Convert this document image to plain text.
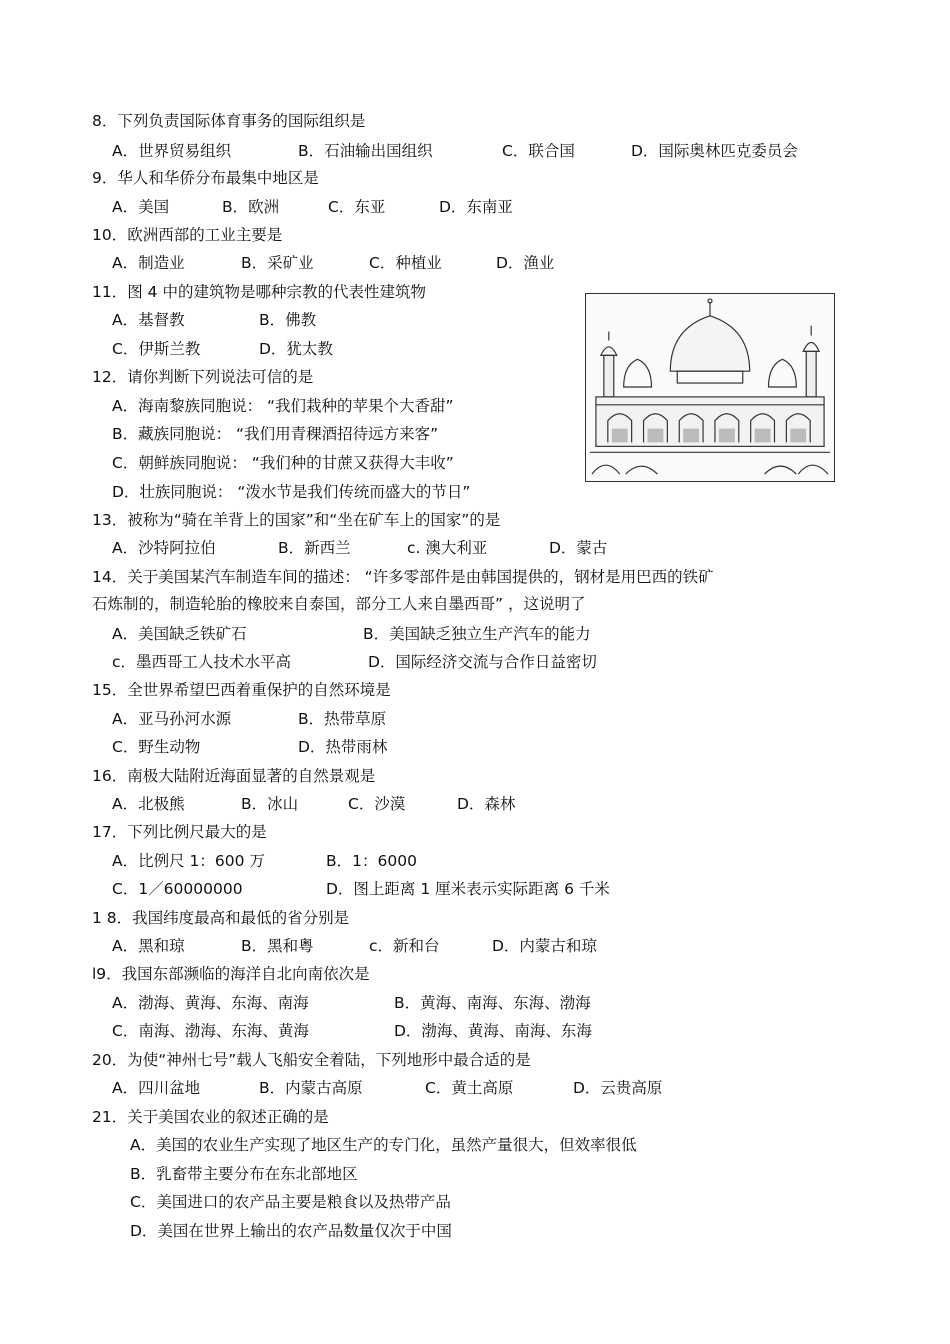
8．下列负责国际体育事务的国际组织是
A．世界贸易组织	B．石油输出国组织	C．联合国	D．国际奥林匹克委员会
9．华人和华侨分布最集中地区是
A．美国	B．欧洲	C．东亚	D．东南亚
10．欧洲西部的工业主要是
A．制造业	B．采矿业	C．种植业	D．渔业
11．图 4 中的建筑物是哪种宗教的代表性建筑物
A．基督教	B．佛教
C．伊斯兰教	D．犹太教
12．请你判断下列说法可信的是
A．海南黎族同胞说： “我们栽种的苹果个大香甜”
B．藏族同胞说： “我们用青稞酒招待远方来客”
C．朝鲜族同胞说： “我们种的甘蔗又获得大丰收”
D．壮族同胞说： “泼水节是我们传统而盛大的节日”
13．被称为“骑在羊背上的国家”和“坐在矿车上的国家”的是
A．沙特阿拉伯	B．新西兰	c. 澳大利亚	D．蒙古
14．关于美国某汽车制造车间的描述： “许多零部件是由韩国提供的，钢材是用巴西的铁矿
石炼制的，制造轮胎的橡胶来自泰国，部分工人来自墨西哥” ，这说明了
A．美国缺乏铁矿石	B．美国缺乏独立生产汽车的能力
c．墨西哥工人技术水平高	D．国际经济交流与合作日益密切
15．全世界希望巴西着重保护的自然环境是
A．亚马孙河水源	B．热带草原
C．野生动物	D．热带雨林
16．南极大陆附近海面显著的自然景观是
A．北极熊	B．冰山	C．沙漠	D．森林
17．下列比例尺最大的是
A．比例尺 1：600 万	B．1：6000
C．1／60000000	D．图上距离 1 厘米表示实际距离 6 千米
1 8．我国纬度最高和最低的省分别是
A．黑和琼	B．黑和粤	c．新和台	D．内蒙古和琼
l9．我国东部濒临的海洋自北向南依次是
A．渤海、黄海、东海、南海	B．黄海、南海、东海、渤海
C．南海、渤海、东海、黄海	D．渤海、黄海、南海、东海
20．为使“神州七号”载人飞船安全着陆，下列地形中最合适的是
A．四川盆地	B．内蒙古高原	C．黄土高原	D．云贵高原
21．关于美国农业的叙述正确的是
A．美国的农业生产实现了地区生产的专门化，虽然产量很大，但效率很低
B．乳畜带主要分布在东北部地区
C．美国进口的农产品主要是粮食以及热带产品
D．美国在世界上输出的农产品数量仅次于中国
